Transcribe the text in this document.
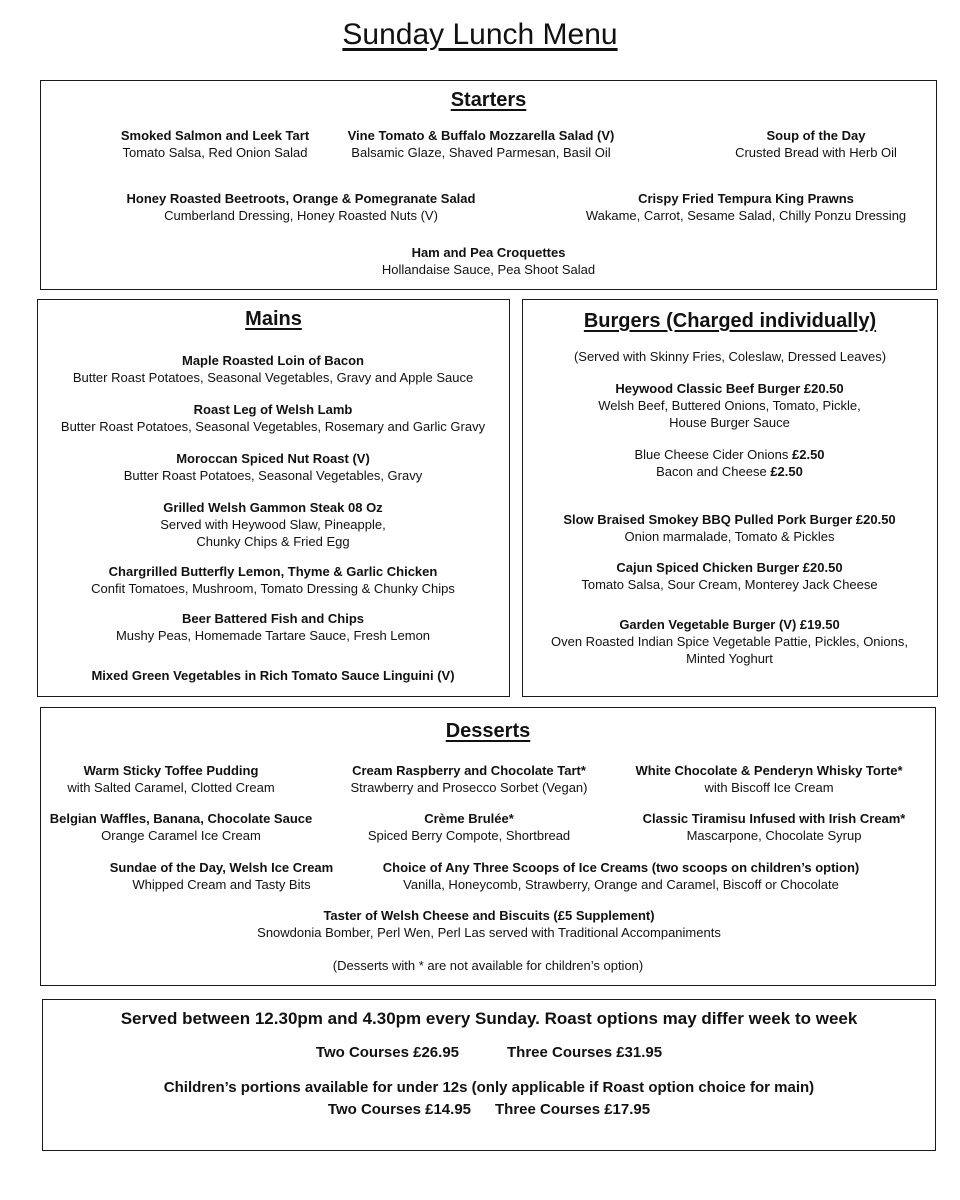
Sunday Lunch Menu
Starters
Smoked Salmon and Leek Tart
Tomato Salsa, Red Onion Salad
Vine Tomato & Buffalo Mozzarella Salad (V)
Balsamic Glaze, Shaved Parmesan, Basil Oil
Soup of the Day
Crusted Bread with Herb Oil
Honey Roasted Beetroots, Orange & Pomegranate Salad
Cumberland Dressing, Honey Roasted Nuts (V)
Crispy Fried Tempura King Prawns
Wakame, Carrot, Sesame Salad, Chilly Ponzu Dressing
Ham and Pea Croquettes
Hollandaise Sauce, Pea Shoot Salad
Mains
Maple Roasted Loin of Bacon
Butter Roast Potatoes, Seasonal Vegetables, Gravy and Apple Sauce
Roast Leg of Welsh Lamb
Butter Roast Potatoes, Seasonal Vegetables, Rosemary and Garlic Gravy
Moroccan Spiced Nut Roast (V)
Butter Roast Potatoes, Seasonal Vegetables, Gravy
Grilled Welsh Gammon Steak 08 Oz
Served with Heywood Slaw, Pineapple,
Chunky Chips & Fried Egg
Chargrilled Butterfly Lemon, Thyme & Garlic Chicken
Confit Tomatoes, Mushroom, Tomato Dressing & Chunky Chips
Beer Battered Fish and Chips
Mushy Peas, Homemade Tartare Sauce, Fresh Lemon
Mixed Green Vegetables in Rich Tomato Sauce Linguini (V)
Burgers (Charged individually)
(Served with Skinny Fries, Coleslaw, Dressed Leaves)
Heywood Classic Beef Burger £20.50
Welsh Beef, Buttered Onions, Tomato, Pickle,
House Burger Sauce
Blue Cheese Cider Onions £2.50
Bacon and Cheese £2.50
Slow Braised Smokey BBQ Pulled Pork Burger £20.50
Onion marmalade, Tomato & Pickles
Cajun Spiced Chicken Burger £20.50
Tomato Salsa, Sour Cream, Monterey Jack Cheese
Garden Vegetable Burger (V) £19.50
Oven Roasted Indian Spice Vegetable Pattie, Pickles, Onions,
Minted Yoghurt
Desserts
Warm Sticky Toffee Pudding
with Salted Caramel, Clotted Cream
Cream Raspberry and Chocolate Tart*
Strawberry and Prosecco Sorbet (Vegan)
White Chocolate & Penderyn Whisky Torte*
with Biscoff Ice Cream
Belgian Waffles, Banana, Chocolate Sauce
Orange Caramel Ice Cream
Crème Brulée*
Spiced Berry Compote, Shortbread
Classic Tiramisu Infused with Irish Cream*
Mascarpone, Chocolate Syrup
Sundae of the Day, Welsh Ice Cream
Whipped Cream and Tasty Bits
Choice of Any Three Scoops of Ice Creams (two scoops on children’s option)
Vanilla, Honeycomb, Strawberry, Orange and Caramel, Biscoff or Chocolate
Taster of Welsh Cheese and Biscuits (£5 Supplement)
Snowdonia Bomber, Perl Wen, Perl Las served with Traditional Accompaniments
(Desserts with * are not available for children’s option)
Served between 12.30pm and 4.30pm every Sunday. Roast options may differ week to week
Two Courses £26.95	Three Courses £31.95
Children’s portions available for under 12s (only applicable if Roast option choice for main)
Two Courses £14.95 Three Courses £17.95
